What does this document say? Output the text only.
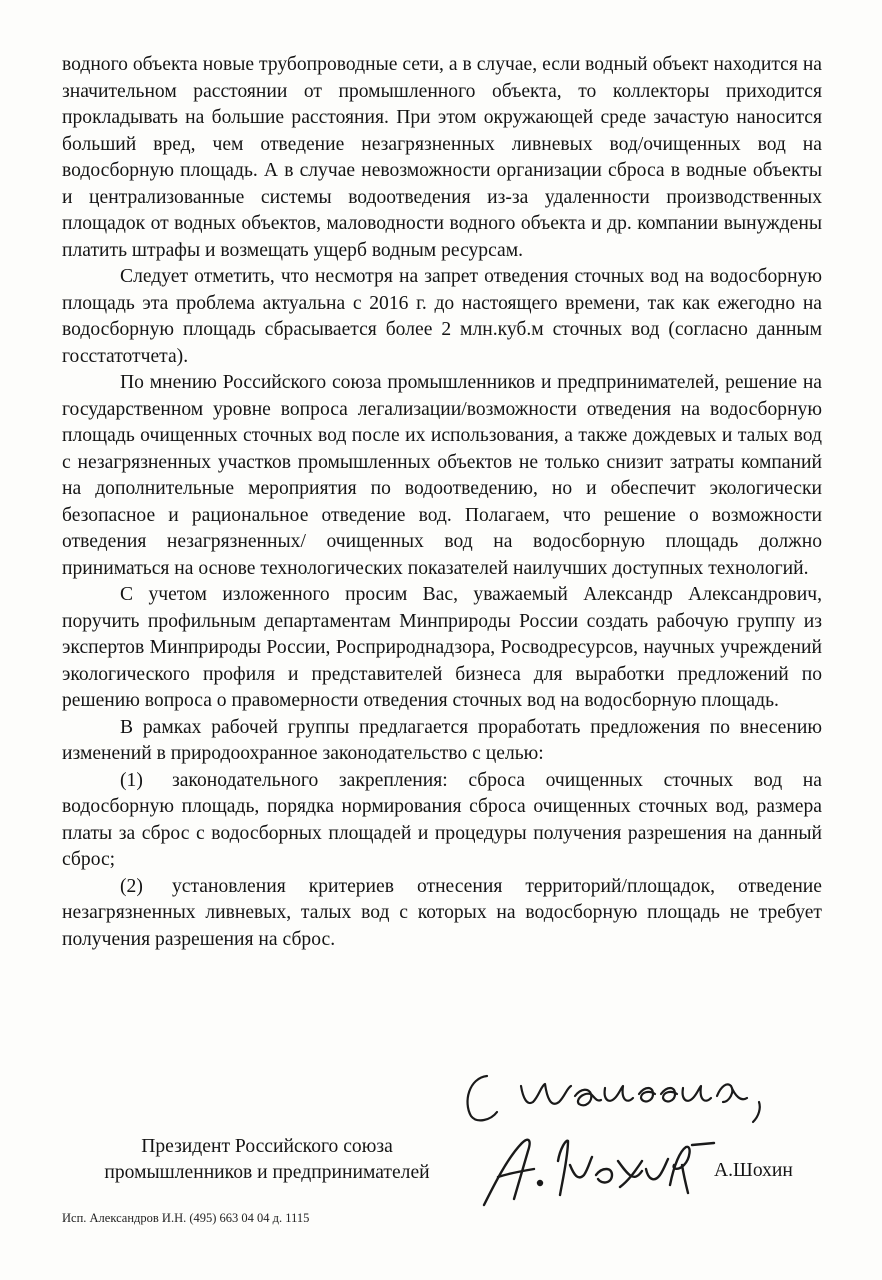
водного объекта новые трубопроводные сети, а в случае, если водный объект находится на значительном расстоянии от промышленного объекта, то коллекторы приходится прокладывать на большие расстояния. При этом окружающей среде зачастую наносится больший вред, чем отведение незагрязненных ливневых вод/очищенных вод на водосборную площадь. А в случае невозможности организации сброса в водные объекты и централизованные системы водоотведения из-за удаленности производственных площадок от водных объектов, маловодности водного объекта и др. компании вынуждены платить штрафы и возмещать ущерб водным ресурсам.

Следует отметить, что несмотря на запрет отведения сточных вод на водосборную площадь эта проблема актуальна с 2016 г. до настоящего времени, так как ежегодно на водосборную площадь сбрасывается более 2 млн.куб.м сточных вод (согласно данным госстатотчета).

По мнению Российского союза промышленников и предпринимателей, решение на государственном уровне вопроса легализации/возможности отведения на водосборную площадь очищенных сточных вод после их использования, а также дождевых и талых вод с незагрязненных участков промышленных объектов не только снизит затраты компаний на дополнительные мероприятия по водоотведению, но и обеспечит экологически безопасное и рациональное отведение вод. Полагаем, что решение о возможности отведения незагрязненных/ очищенных вод на водосборную площадь должно приниматься на основе технологических показателей наилучших доступных технологий.

С учетом изложенного просим Вас, уважаемый Александр Александрович, поручить профильным департаментам Минприроды России создать рабочую группу из экспертов Минприроды России, Росприроднадзора, Росводресурсов, научных учреждений экологического профиля и представителей бизнеса для выработки предложений по решению вопроса о правомерности отведения сточных вод на водосборную площадь.

В рамках рабочей группы предлагается проработать предложения по внесению изменений в природоохранное законодательство с целью:

(1) законодательного закрепления: сброса очищенных сточных вод на водосборную площадь, порядка нормирования сброса очищенных сточных вод, размера платы за сброс с водосборных площадей и процедуры получения разрешения на данный сброс;

(2) установления критериев отнесения территорий/площадок, отведение незагрязненных ливневых, талых вод с которых на водосборную площадь не требует получения разрешения на сброс.

Президент Российского союза
промышленников и предпринимателей	А.Шохин
Исп. Александров И.Н. (495) 663 04 04 д. 1115
